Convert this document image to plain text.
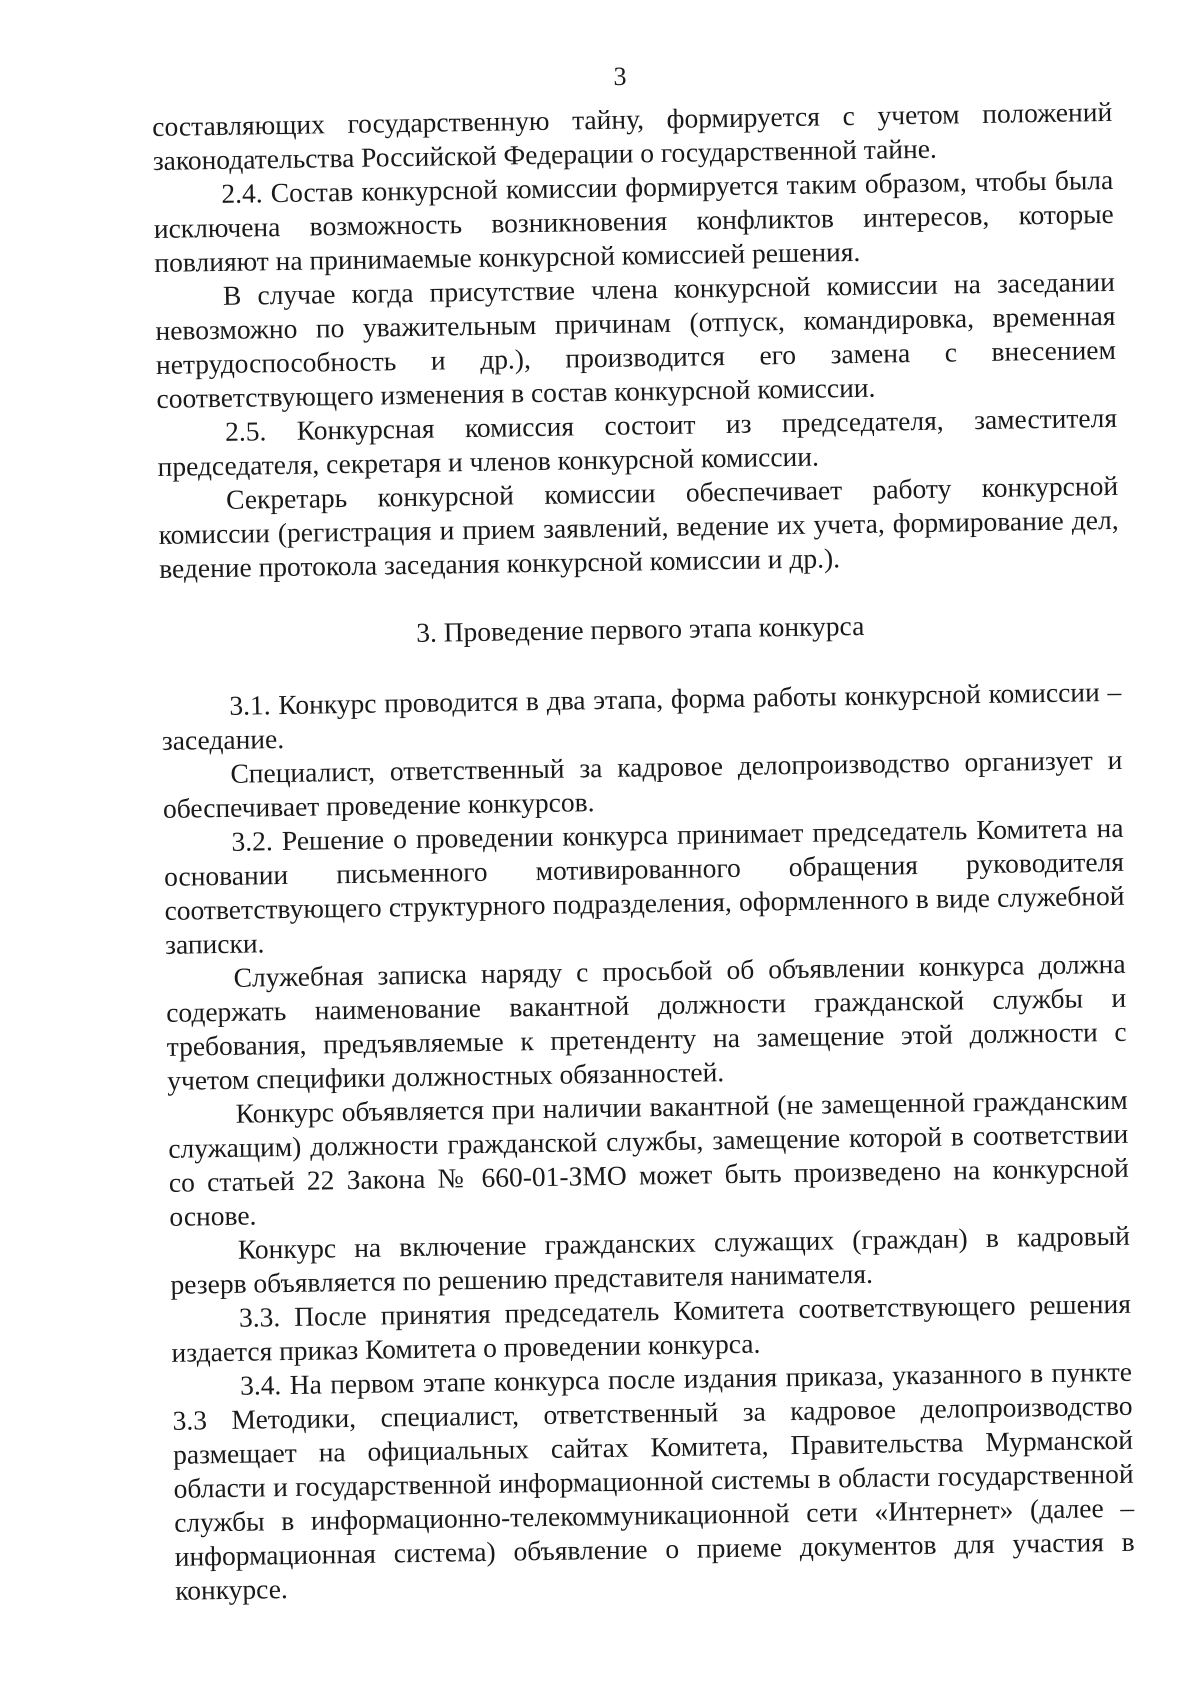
3

составляющих государственную тайну, формируется с учетом положений законодательства Российской Федерации о государственной тайне.

2.4. Состав конкурсной комиссии формируется таким образом, чтобы была исключена возможность возникновения конфликтов интересов, которые повлияют на принимаемые конкурсной комиссией решения.

В случае когда присутствие члена конкурсной комиссии на заседании невозможно по уважительным причинам (отпуск, командировка, временная нетрудоспособность и др.), производится его замена с внесением соответствующего изменения в состав конкурсной комиссии.

2.5. Конкурсная комиссия состоит из председателя, заместителя председателя, секретаря и членов конкурсной комиссии.

Секретарь конкурсной комиссии обеспечивает работу конкурсной комиссии (регистрация и прием заявлений, ведение их учета, формирование дел, ведение протокола заседания конкурсной комиссии и др.).

3. Проведение первого этапа конкурса

3.1. Конкурс проводится в два этапа, форма работы конкурсной комиссии – заседание.

Специалист, ответственный за кадровое делопроизводство организует и обеспечивает проведение конкурсов.

3.2. Решение о проведении конкурса принимает председатель Комитета на основании письменного мотивированного обращения руководителя соответствующего структурного подразделения, оформленного в виде служебной записки.

Служебная записка наряду с просьбой об объявлении конкурса должна содержать наименование вакантной должности гражданской службы и требования, предъявляемые к претенденту на замещение этой должности с учетом специфики должностных обязанностей.

Конкурс объявляется при наличии вакантной (не замещенной гражданским служащим) должности гражданской службы, замещение которой в соответствии со статьей 22 Закона № 660-01-ЗМО может быть произведено на конкурсной основе.

Конкурс на включение гражданских служащих (граждан) в кадровый резерв объявляется по решению представителя нанимателя.

3.3. После принятия председатель Комитета соответствующего решения издается приказ Комитета о проведении конкурса.

3.4. На первом этапе конкурса после издания приказа, указанного в пункте 3.3 Методики, специалист, ответственный за кадровое делопроизводство размещает на официальных сайтах Комитета, Правительства Мурманской области и государственной информационной системы в области государственной службы в информационно-телекоммуникационной сети «Интернет» (далее – информационная система) объявление о приеме документов для участия в конкурсе.
